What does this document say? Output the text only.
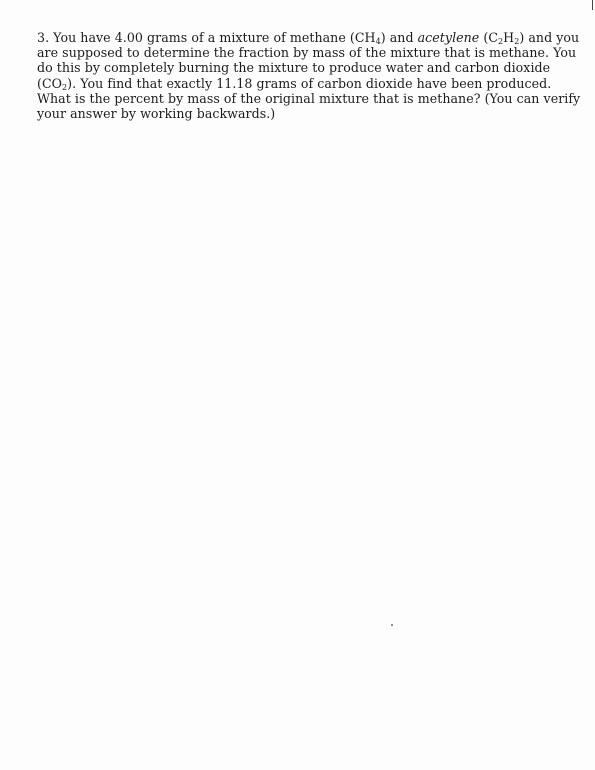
3. You have 4.00 grams of a mixture of methane $(CH_4)$ and acetylene $(C_2H_2)$ and you
are supposed to determine the fraction by mass of the mixture that is methane. You
do this by completely burning the mixture to produce water and carbon dioxide
$(CO_2)$. You find that exactly 11.18 grams of carbon dioxide have been produced.
What is the percent by mass of the original mixture that is methane? (You can verify
your answer by working backwards.)
